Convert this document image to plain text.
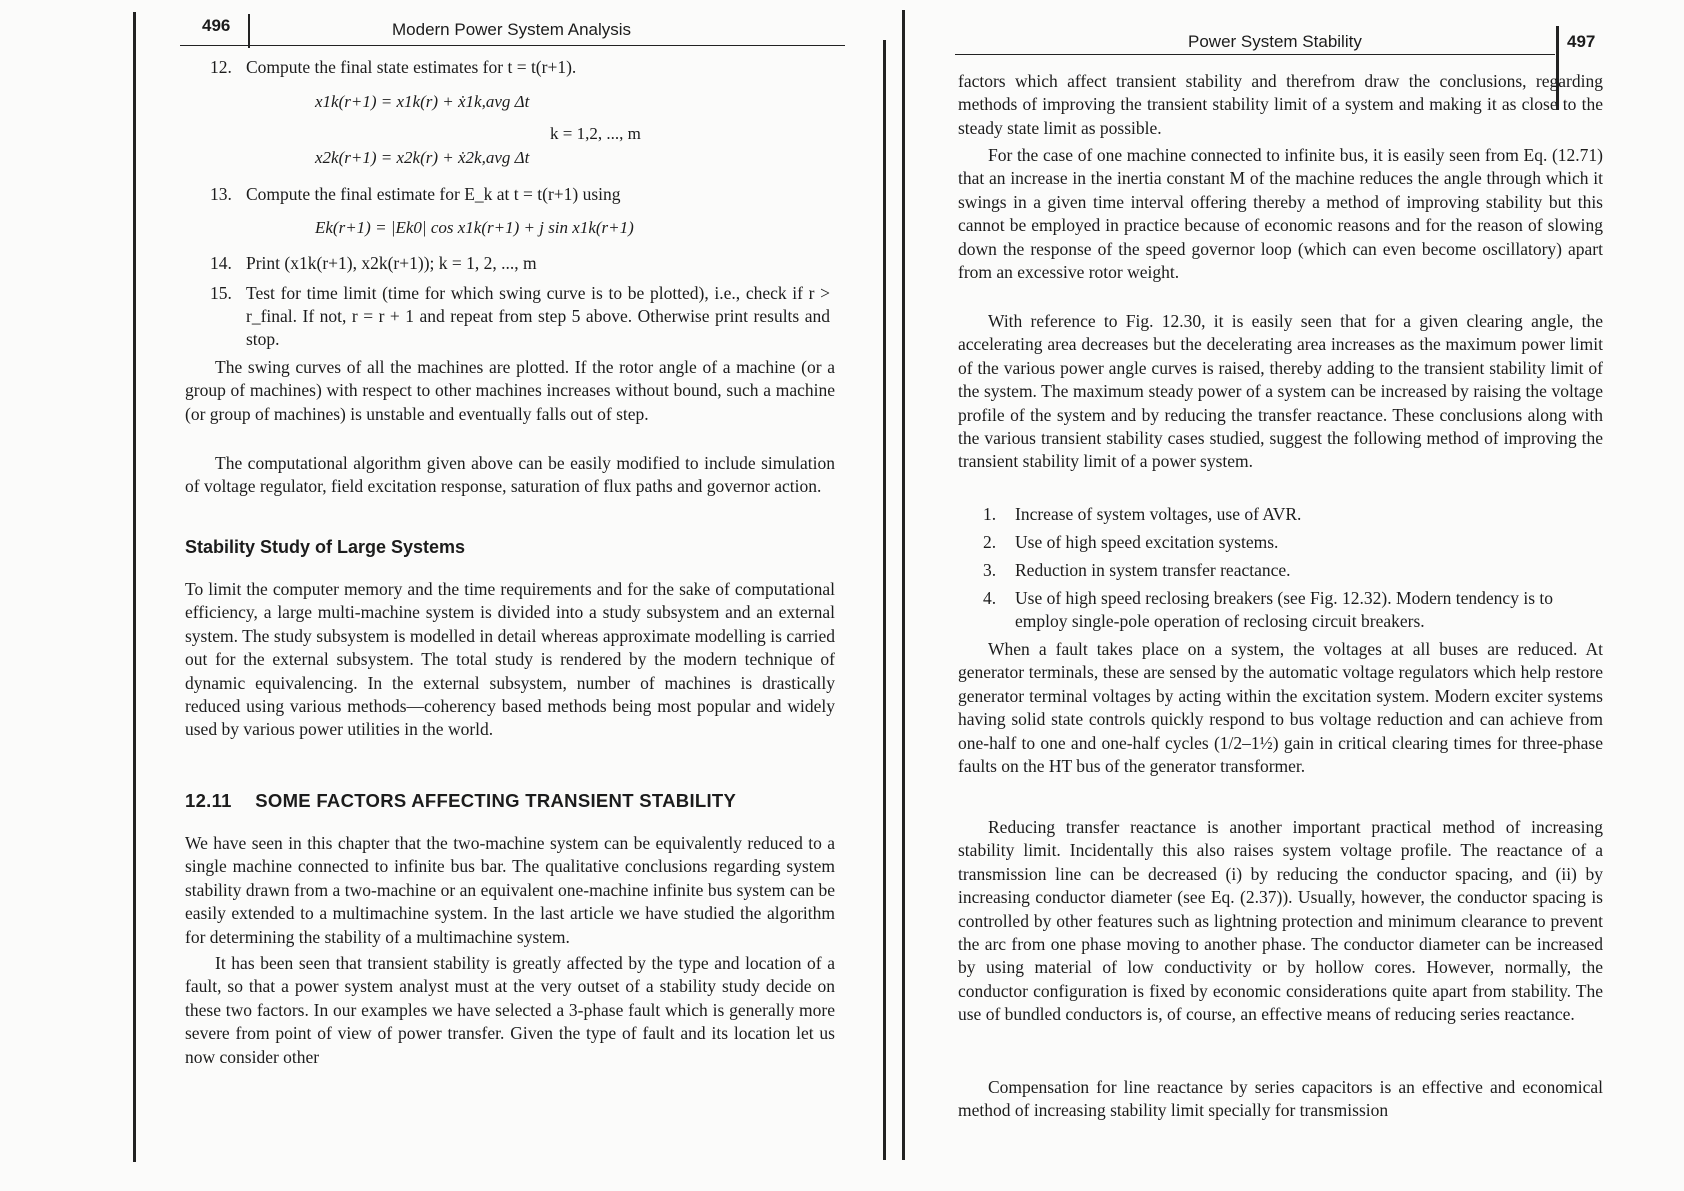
496	Modern Power System Analysis
12. Compute the final state estimates for t = t(r+1).
x1k(r+1) = x1k(r) + ẋ1k,avg Δt
k = 1,2, ..., m
x2k(r+1) = x2k(r) + ẋ2k,avg Δt
13. Compute the final estimate for E_k at t = t(r+1) using
Ek(r+1) = |Ek0| cos x1k(r+1) + j sin x1k(r+1)
14. Print (x1k(r+1), x2k(r+1)); k = 1, 2, ..., m
15. Test for time limit (time for which swing curve is to be plotted), i.e., check if r > r_final. If not, r = r + 1 and repeat from step 5 above. Otherwise print results and stop.

The swing curves of all the machines are plotted. If the rotor angle of a machine (or a group of machines) with respect to other machines increases without bound, such a machine (or group of machines) is unstable and eventually falls out of step.

The computational algorithm given above can be easily modified to include simulation of voltage regulator, field excitation response, saturation of flux paths and governor action.

Stability Study of Large Systems

To limit the computer memory and the time requirements and for the sake of computational efficiency, a large multi-machine system is divided into a study subsystem and an external system. The study subsystem is modelled in detail whereas approximate modelling is carried out for the external subsystem. The total study is rendered by the modern technique of dynamic equivalencing. In the external subsystem, number of machines is drastically reduced using various methods—coherency based methods being most popular and widely used by various power utilities in the world.

12.11 SOME FACTORS AFFECTING TRANSIENT STABILITY

We have seen in this chapter that the two-machine system can be equivalently reduced to a single machine connected to infinite bus bar. The qualitative conclusions regarding system stability drawn from a two-machine or an equivalent one-machine infinite bus system can be easily extended to a multimachine system. In the last article we have studied the algorithm for determining the stability of a multimachine system.

It has been seen that transient stability is greatly affected by the type and location of a fault, so that a power system analyst must at the very outset of a stability study decide on these two factors. In our examples we have selected a 3-phase fault which is generally more severe from point of view of power transfer. Given the type of fault and its location let us now consider other

Power System Stability	497

factors which affect transient stability and therefrom draw the conclusions, regarding methods of improving the transient stability limit of a system and making it as close to the steady state limit as possible.

For the case of one machine connected to infinite bus, it is easily seen from Eq. (12.71) that an increase in the inertia constant M of the machine reduces the angle through which it swings in a given time interval offering thereby a method of improving stability but this cannot be employed in practice because of economic reasons and for the reason of slowing down the response of the speed governor loop (which can even become oscillatory) apart from an excessive rotor weight.

With reference to Fig. 12.30, it is easily seen that for a given clearing angle, the accelerating area decreases but the decelerating area increases as the maximum power limit of the various power angle curves is raised, thereby adding to the transient stability limit of the system. The maximum steady power of a system can be increased by raising the voltage profile of the system and by reducing the transfer reactance. These conclusions along with the various transient stability cases studied, suggest the following method of improving the transient stability limit of a power system.

1. Increase of system voltages, use of AVR.
2. Use of high speed excitation systems.
3. Reduction in system transfer reactance.
4. Use of high speed reclosing breakers (see Fig. 12.32). Modern tendency is to employ single-pole operation of reclosing circuit breakers.

When a fault takes place on a system, the voltages at all buses are reduced. At generator terminals, these are sensed by the automatic voltage regulators which help restore generator terminal voltages by acting within the excitation system. Modern exciter systems having solid state controls quickly respond to bus voltage reduction and can achieve from one-half to one and one-half cycles (1/2–1½) gain in critical clearing times for three-phase faults on the HT bus of the generator transformer.

Reducing transfer reactance is another important practical method of increasing stability limit. Incidentally this also raises system voltage profile. The reactance of a transmission line can be decreased (i) by reducing the conductor spacing, and (ii) by increasing conductor diameter (see Eq. (2.37)). Usually, however, the conductor spacing is controlled by other features such as lightning protection and minimum clearance to prevent the arc from one phase moving to another phase. The conductor diameter can be increased by using material of low conductivity or by hollow cores. However, normally, the conductor configuration is fixed by economic considerations quite apart from stability. The use of bundled conductors is, of course, an effective means of reducing series reactance.

Compensation for line reactance by series capacitors is an effective and economical method of increasing stability limit specially for transmission
